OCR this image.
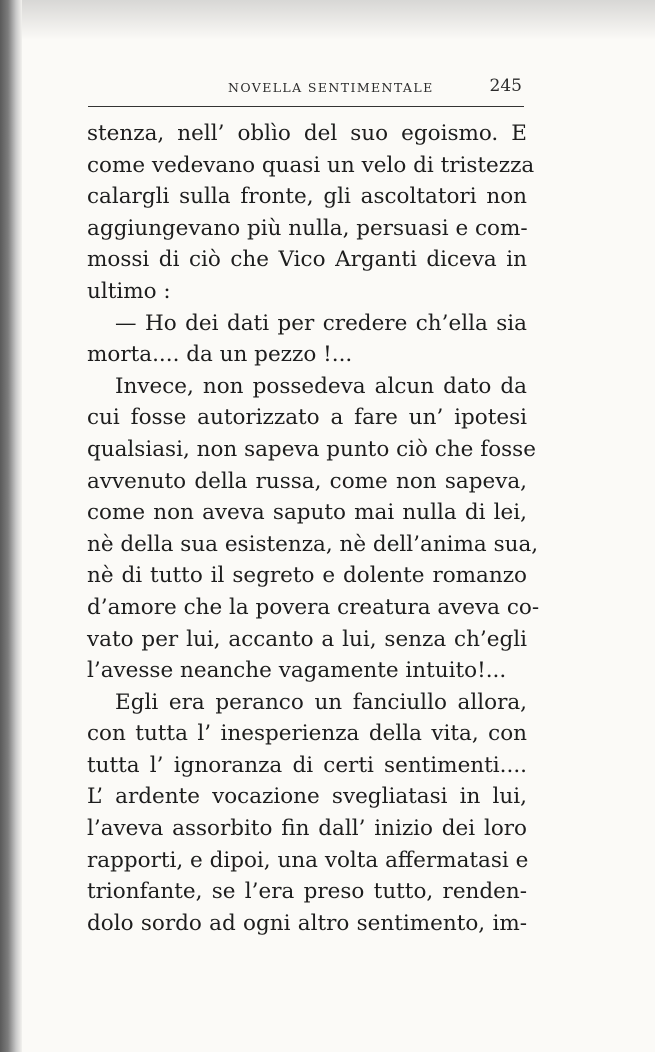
NOVELLA SENTIMENTALE	245
stenza, nell’ oblìo del suo egoismo. E
come vedevano quasi un velo di tristezza
calargli sulla fronte, gli ascoltatori non
aggiungevano più nulla, persuasi e com-
mossi di ciò che Vico Arganti diceva in
ultimo :
— Ho dei dati per credere ch’ella sia
morta.... da un pezzo !...
Invece, non possedeva alcun dato da
cui fosse autorizzato a fare un’ ipotesi
qualsiasi, non sapeva punto ciò che fosse
avvenuto della russa, come non sapeva,
come non aveva saputo mai nulla di lei,
nè della sua esistenza, nè dell’anima sua,
nè di tutto il segreto e dolente romanzo
d’amore che la povera creatura aveva co-
vato per lui, accanto a lui, senza ch’egli
l’avesse neanche vagamente intuito!...
Egli era peranco un fanciullo allora,
con tutta l’ inesperienza della vita, con
tutta l’ ignoranza di certi sentimenti....
L’ ardente vocazione svegliatasi in lui,
l’aveva assorbito fin dall’ inizio dei loro
rapporti, e dipoi, una volta affermatasi e
trionfante, se l’era preso tutto, renden-
dolo sordo ad ogni altro sentimento, im-
